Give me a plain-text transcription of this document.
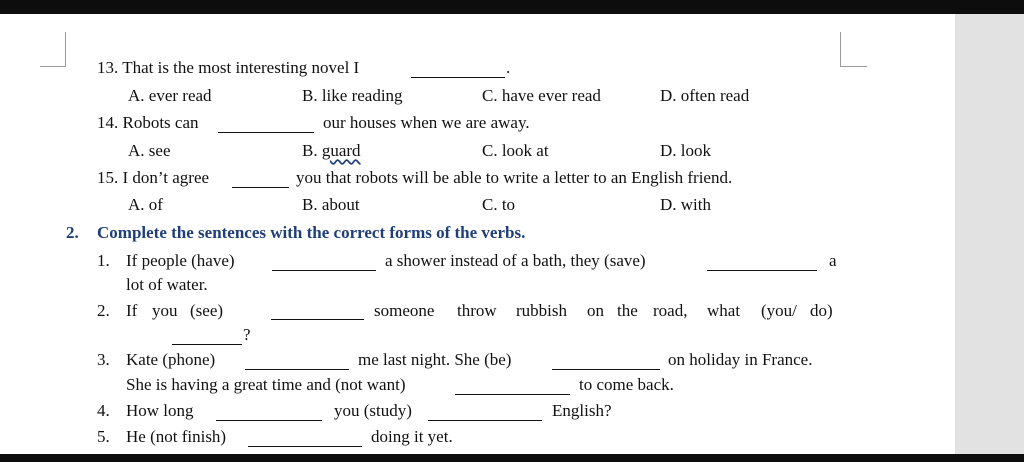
13. That is the most interesting novel I	.
A. ever read	B. like reading	C. have ever read	D. often read
14. Robots can	our houses when we are away.
A. see	B. guard	C. look at	D. look
15. I don’t agree	you that robots will be able to write a letter to an English friend.
A. of	B. about	C. to	D. with
2. Complete the sentences with the correct forms of the verbs.
1. If people (have)	a shower instead of a bath, they (save)	a
lot of water.
2. If you (see)	someone throw rubbish on the road, what (you/ do)
?
3. Kate (phone)	me last night. She (be)	on holiday in France.
She is having a great time and (not want)	to come back.
4. How long	you (study)	English?
5. He (not finish)	doing it yet.
